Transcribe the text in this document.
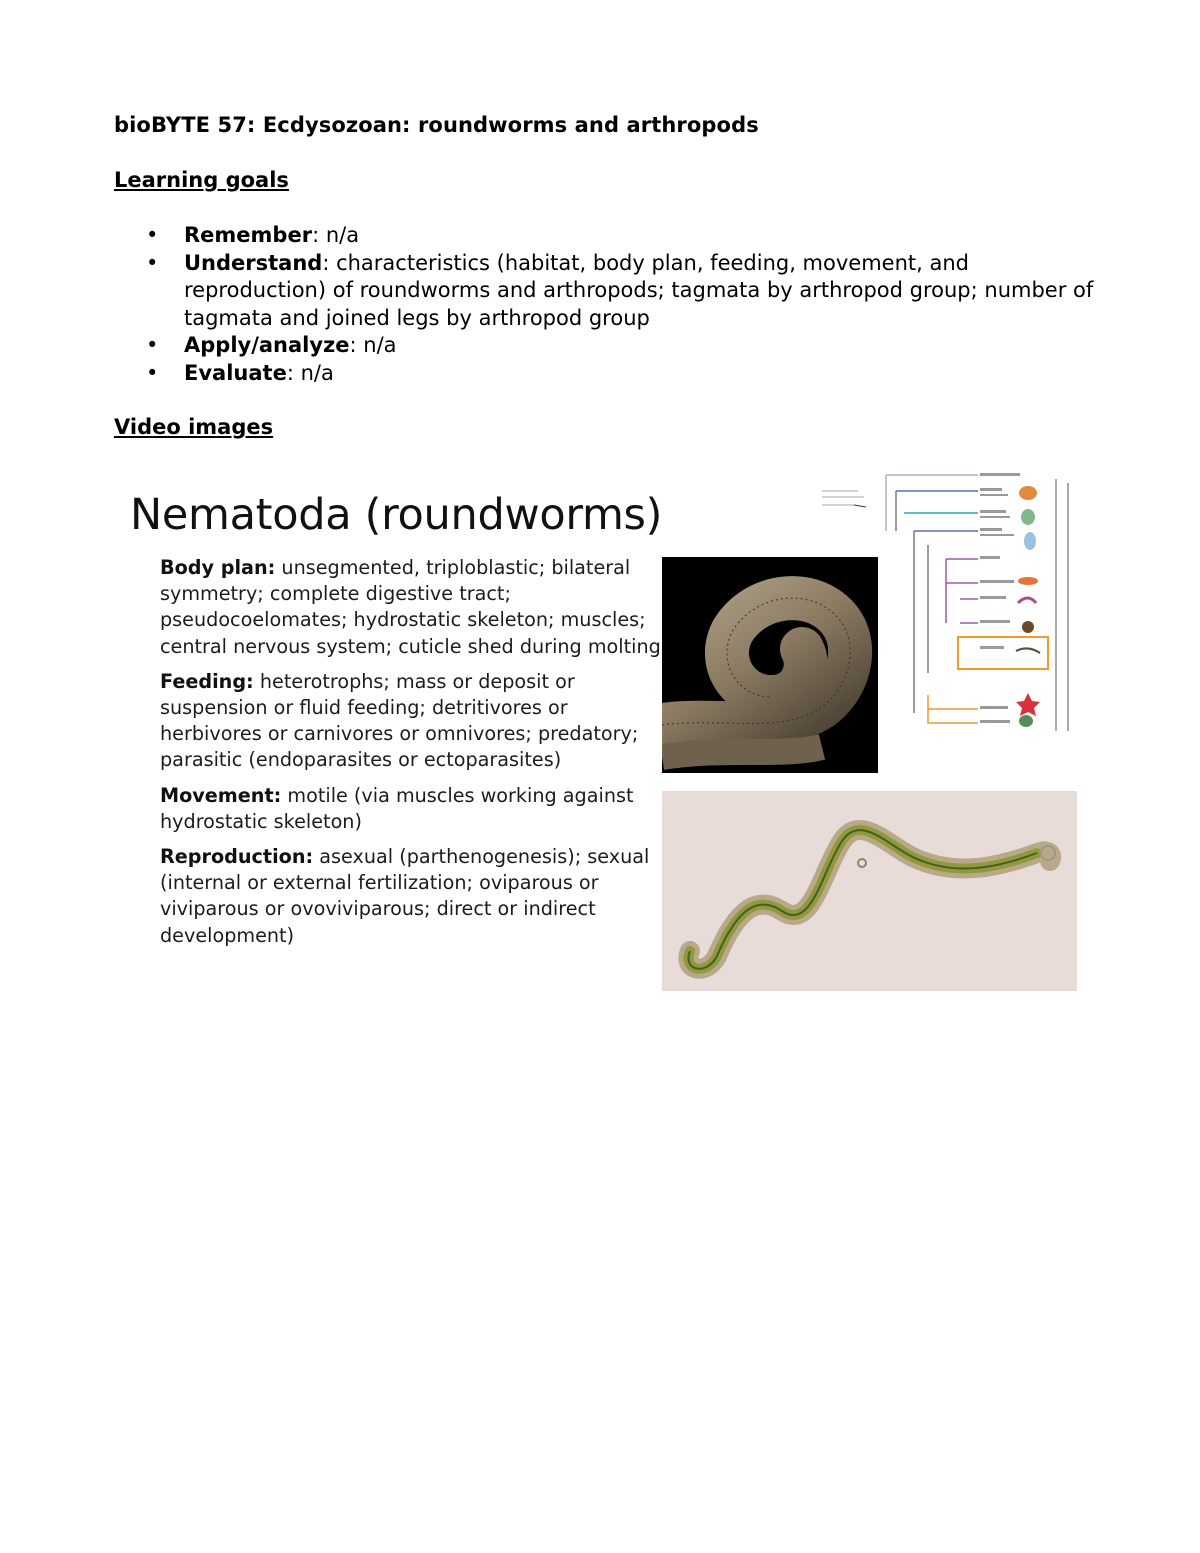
bioBYTE 57: Ecdysozoan: roundworms and arthropods
Learning goals
• Remember: n/a
• Understand: characteristics (habitat, body plan, feeding, movement, and reproduction) of roundworms and arthropods; tagmata by arthropod group; number of tagmata and joined legs by arthropod group
• Apply/analyze: n/a
• Evaluate: n/a
Video images
Nematoda (roundworms)

Body plan: unsegmented, triploblastic; bilateral symmetry; complete digestive tract; pseudocoelomates; hydrostatic skeleton; muscles; central nervous system; cuticle shed during molting

Feeding: heterotrophs; mass or deposit or suspension or fluid feeding; detritivores or herbivores or carnivores or omnivores; predatory; parasitic (endoparasites or ectoparasites)

Movement: motile (via muscles working against hydrostatic skeleton)

Reproduction: asexual (parthenogenesis); sexual (internal or external fertilization; oviparous or viviparous or ovoviviparous; direct or indirect development)
